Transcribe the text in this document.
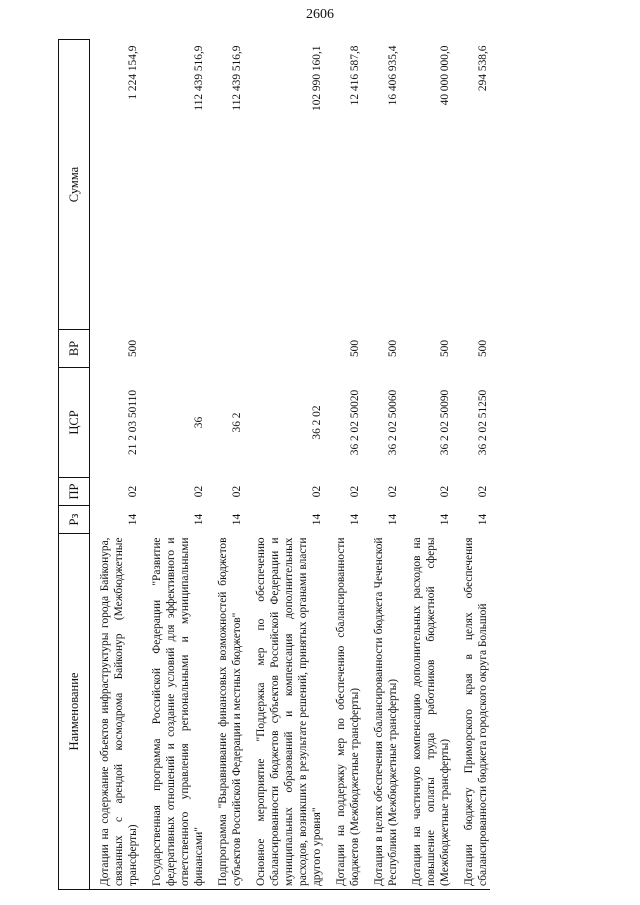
2606
Наименование	Рз	ПР	ЦСР	ВР	Сумма
Дотации на содержание объектов инфраструктуры города Байконура, связанных с арендой космодрома Байконур (Межбюджетные трансферты)	14	02	21 2 03 50110	500	1 224 154,9
Государственная программа Российской Федерации "Развитие федеративных отношений и создание условий для эффективного и ответственного управления региональными и муниципальными финансами"	14	02	36		112 439 516,9
Подпрограмма "Выравнивание финансовых возможностей бюджетов субъектов Российской Федерации и местных бюджетов"	14	02	36 2		112 439 516,9
Основное мероприятие "Поддержка мер по обеспечению сбалансированности бюджетов субъектов Российской Федерации и муниципальных образований и компенсация дополнительных расходов, возникших в результате решений, принятых органами власти другого уровня"	14	02	36 2 02		102 990 160,1
Дотации на поддержку мер по обеспечению сбалансированности бюджетов (Межбюджетные трансферты)	14	02	36 2 02 50020	500	12 416 587,8
Дотация в целях обеспечения сбалансированности бюджета Чеченской Республики (Межбюджетные трансферты)	14	02	36 2 02 50060	500	16 406 935,4
Дотации на частичную компенсацию дополнительных расходов на повышение оплаты труда работников бюджетной сферы (Межбюджетные трансферты)	14	02	36 2 02 50090	500	40 000 000,0
Дотации бюджету Приморского края в целях обеспечения сбалансированности бюджета городского округа Большой	14	02	36 2 02 51250	500	294 538,6
